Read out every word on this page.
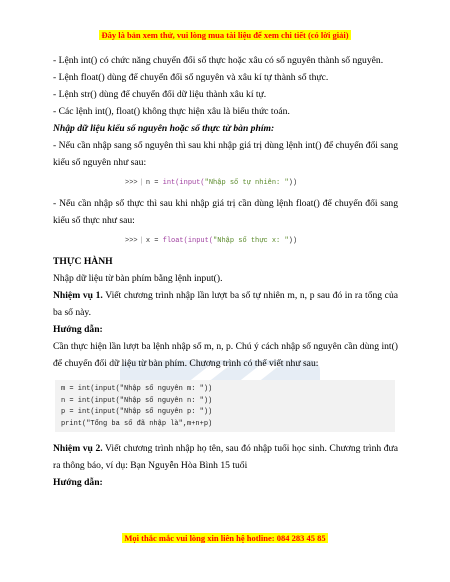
Đây là bản xem thử, vui lòng mua tài liệu để xem chi tiết (có lời giải)

- Lệnh int() có chức năng chuyển đổi số thực hoặc xâu có số nguyên thành số nguyên.

- Lệnh float() dùng để chuyển đổi số nguyên và xâu kí tự thành số thực.

- Lệnh str() dùng để chuyển đổi dữ liệu thành xâu kí tự.

- Các lệnh int(), float() không thực hiện xâu là biểu thức toán.

Nhập dữ liệu kiểu số nguyên hoặc số thực từ bàn phím:

- Nếu cần nhập sang số nguyên thì sau khi nhập giá trị dùng lệnh int() để chuyển đổi sang kiểu số nguyên như sau:

>>> | n = int(input("Nhập số tự nhiên: "))

- Nếu cần nhập số thực thì sau khi nhập giá trị cần dùng lệnh float() để chuyển đổi sang kiểu số thực như sau:

>>> | x = float(input("Nhập số thực x: "))

THỰC HÀNH

Nhập dữ liệu từ bàn phím bằng lệnh input().

Nhiệm vụ 1. Viết chương trình nhập lần lượt ba số tự nhiên m, n, p sau đó in ra tổng của ba số này.

Hướng dẫn:

Cần thực hiện lần lượt ba lệnh nhập số m, n, p. Chú ý cách nhập số nguyên cần dùng int() để chuyển đổi dữ liệu từ bàn phím. Chương trình có thể viết như sau:

m = int(input("Nhập số nguyên m: "))
n = int(input("Nhập số nguyên n: "))
p = int(input("Nhập số nguyên p: "))
print("Tổng ba số đã nhập là",m+n+p)

Nhiệm vụ 2. Viết chương trình nhập họ tên, sau đó nhập tuổi học sinh. Chương trình đưa ra thông báo, ví dụ: Bạn Nguyễn Hòa Bình 15 tuổi

Hướng dẫn:

Mọi thắc mắc vui lòng xin liên hệ hotline: 084 283 45 85
